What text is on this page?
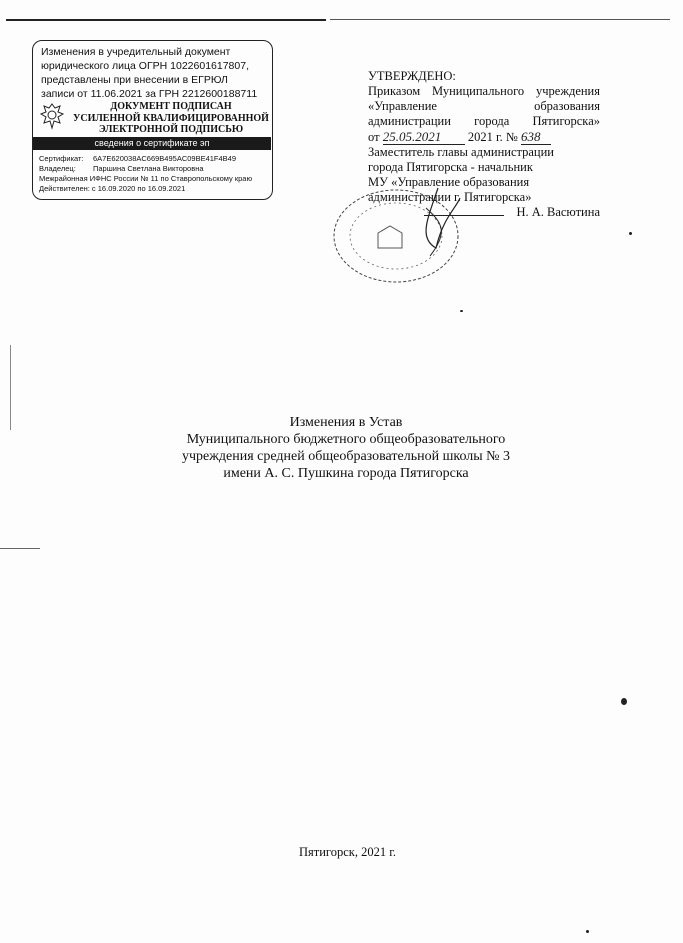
Изменения в учредительный документ
юридического лица ОГРН 1022601617807,
представлены при внесении в ЕГРЮЛ
записи от 11.06.2021 за ГРН 2212600188711
ДОКУМЕНТ ПОДПИСАН
УСИЛЕННОЙ КВАЛИФИЦИРОВАННОЙ
ЭЛЕКТРОННОЙ ПОДПИСЬЮ
сведения о сертификате эп
Сертификат: 6A7E620038AC669B495AC09BE41F4B49
Владелец: Паршина Светлана Викторовна
Межрайонная ИФНС России № 11 по Ставропольскому краю
Действителен: с 16.09.2020 по 16.09.2021
УТВЕРЖДЕНО:
Приказом Муниципального учреждения
«Управление	образования
администрации города Пятигорска»
от 25.05.2021 2021 г. № 638
Заместитель главы администрации
города Пятигорска - начальник
МУ «Управление образования
администрации г. Пятигорска»
Н. А. Васютина
Изменения в Устав
Муниципального бюджетного общеобразовательного
учреждения средней общеобразовательной школы № 3
имени А. С. Пушкина города Пятигорска
Пятигорск, 2021 г.
